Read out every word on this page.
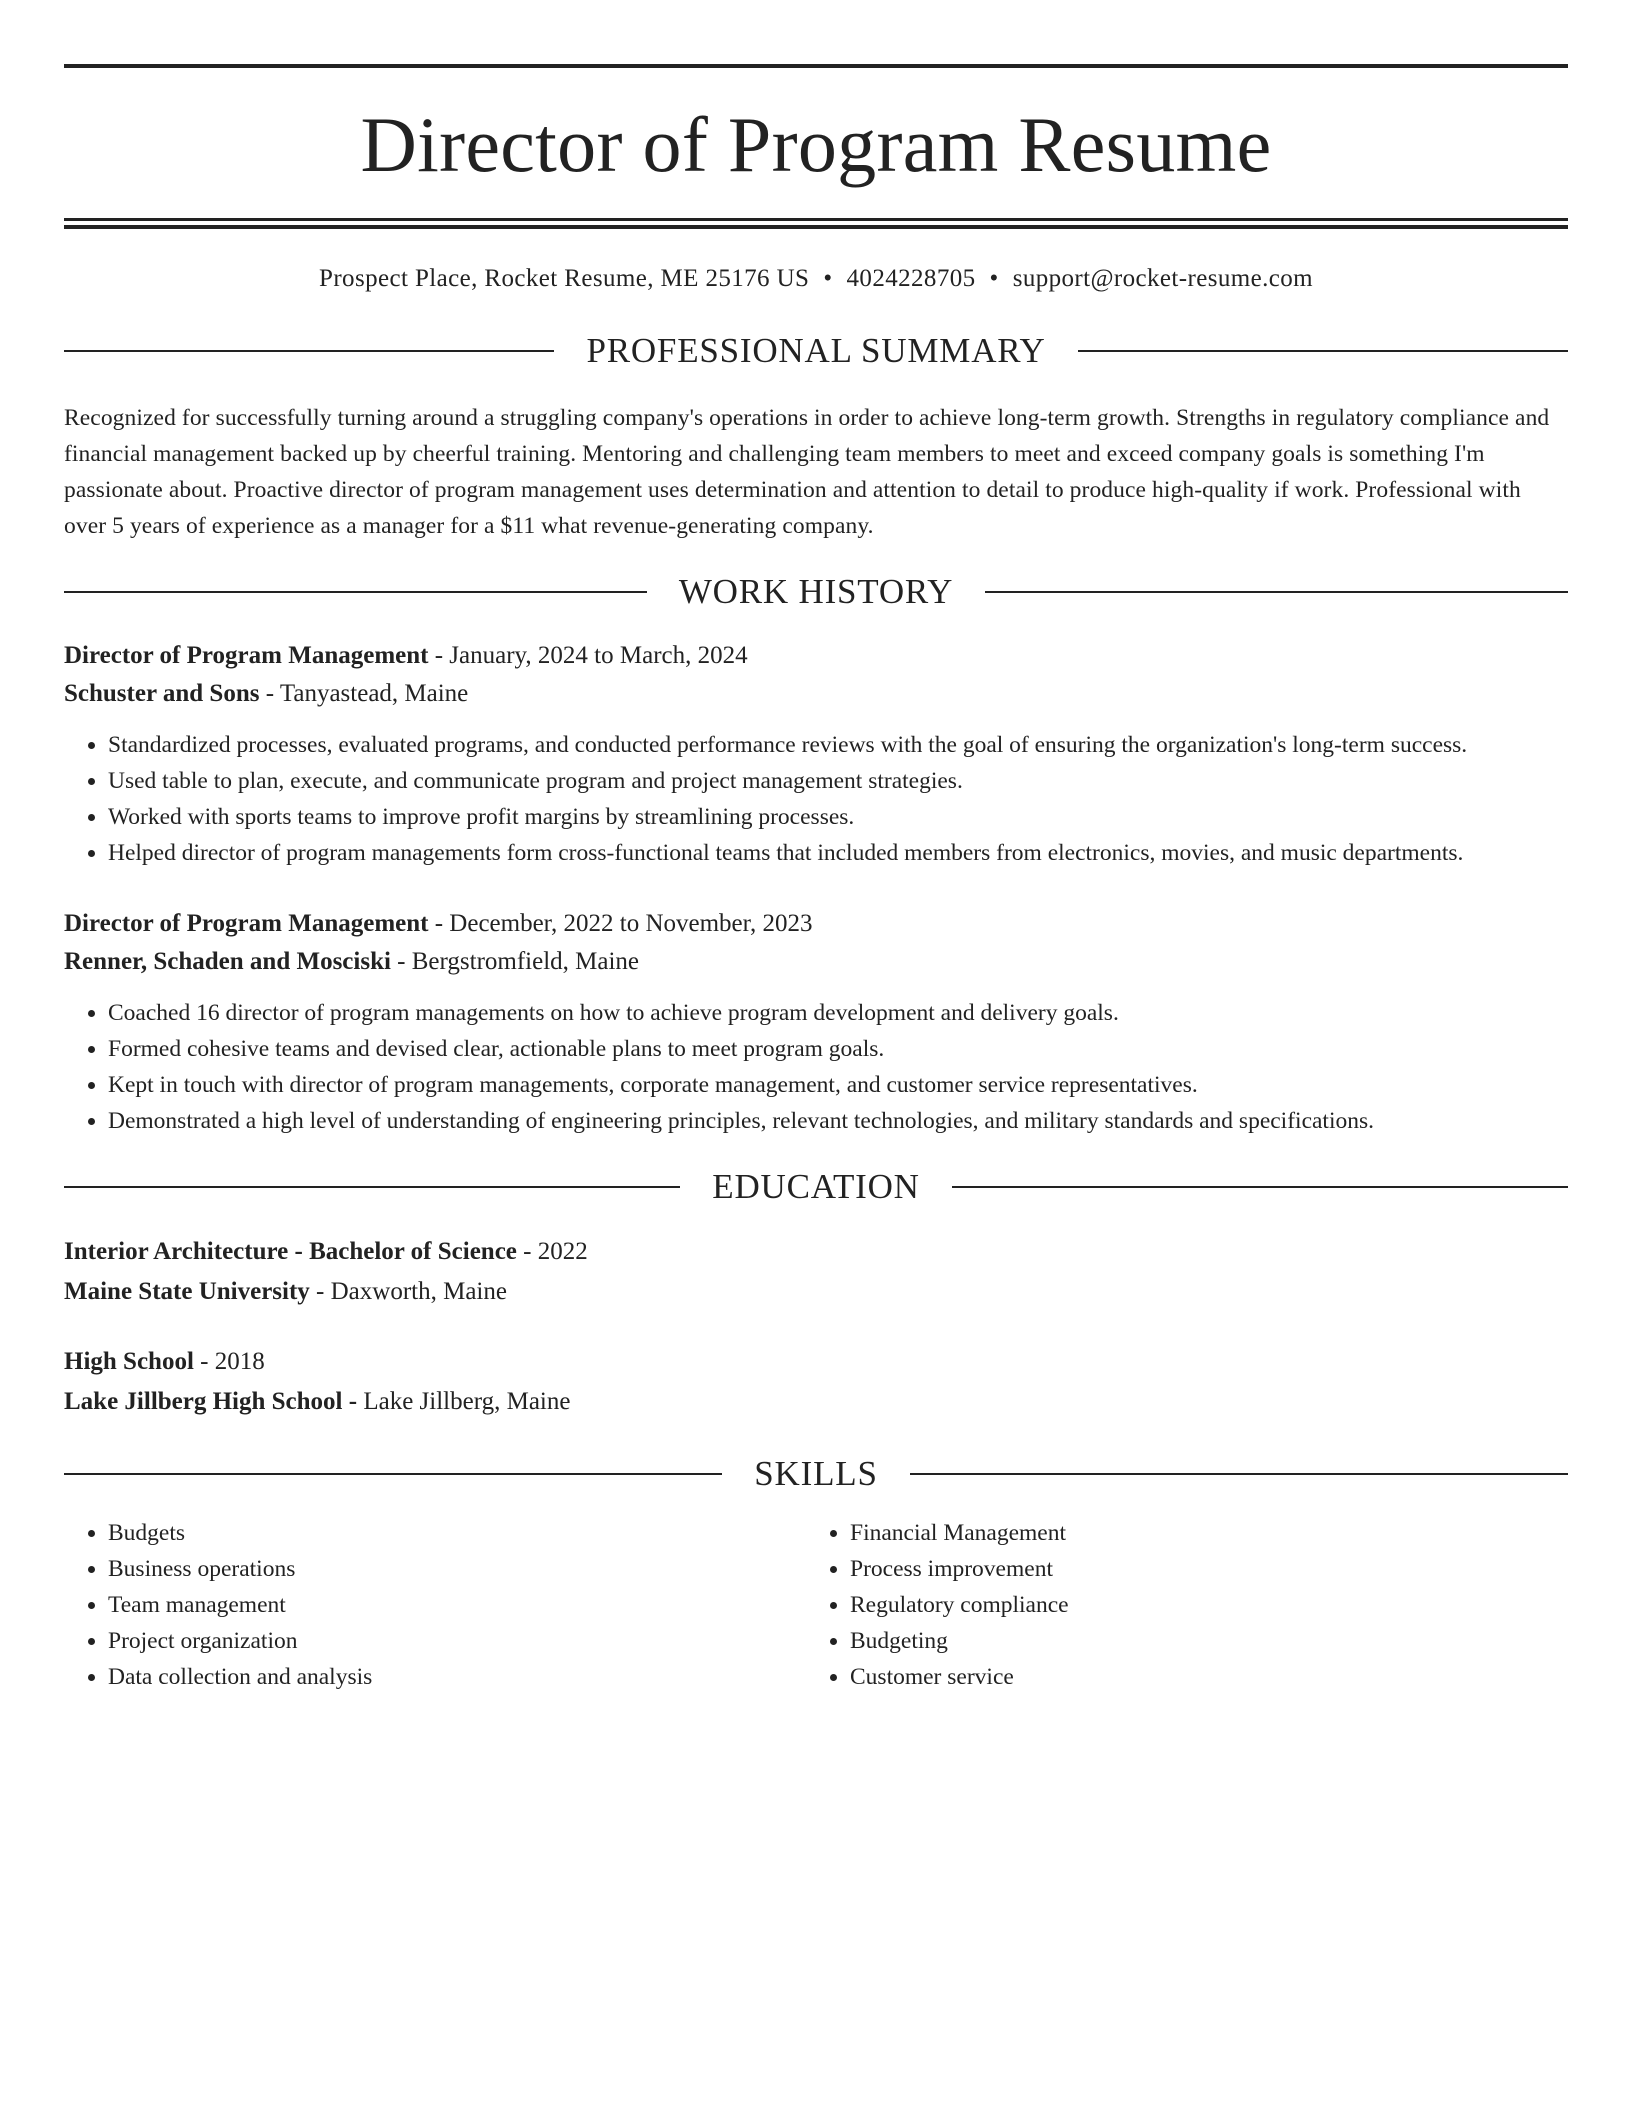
Director of Program Resume
Prospect Place, Rocket Resume, ME 25176 US • 4024228705 • support@rocket-resume.com
PROFESSIONAL SUMMARY
Recognized for successfully turning around a struggling company's operations in order to achieve long-term growth. Strengths in regulatory compliance and financial management backed up by cheerful training. Mentoring and challenging team members to meet and exceed company goals is something I'm passionate about. Proactive director of program management uses determination and attention to detail to produce high-quality if work. Professional with over 5 years of experience as a manager for a $11 what revenue-generating company.
WORK HISTORY
Director of Program Management - January, 2024 to March, 2024
Schuster and Sons - Tanyastead, Maine
• Standardized processes, evaluated programs, and conducted performance reviews with the goal of ensuring the organization's long-term success.
• Used table to plan, execute, and communicate program and project management strategies.
• Worked with sports teams to improve profit margins by streamlining processes.
• Helped director of program managements form cross-functional teams that included members from electronics, movies, and music departments.
Director of Program Management - December, 2022 to November, 2023
Renner, Schaden and Mosciski - Bergstromfield, Maine
• Coached 16 director of program managements on how to achieve program development and delivery goals.
• Formed cohesive teams and devised clear, actionable plans to meet program goals.
• Kept in touch with director of program managements, corporate management, and customer service representatives.
• Demonstrated a high level of understanding of engineering principles, relevant technologies, and military standards and specifications.
EDUCATION
Interior Architecture - Bachelor of Science - 2022
Maine State University - Daxworth, Maine
High School - 2018
Lake Jillberg High School - Lake Jillberg, Maine
SKILLS
• Budgets
• Business operations
• Team management
• Project organization
• Data collection and analysis
• Financial Management
• Process improvement
• Regulatory compliance
• Budgeting
• Customer service
